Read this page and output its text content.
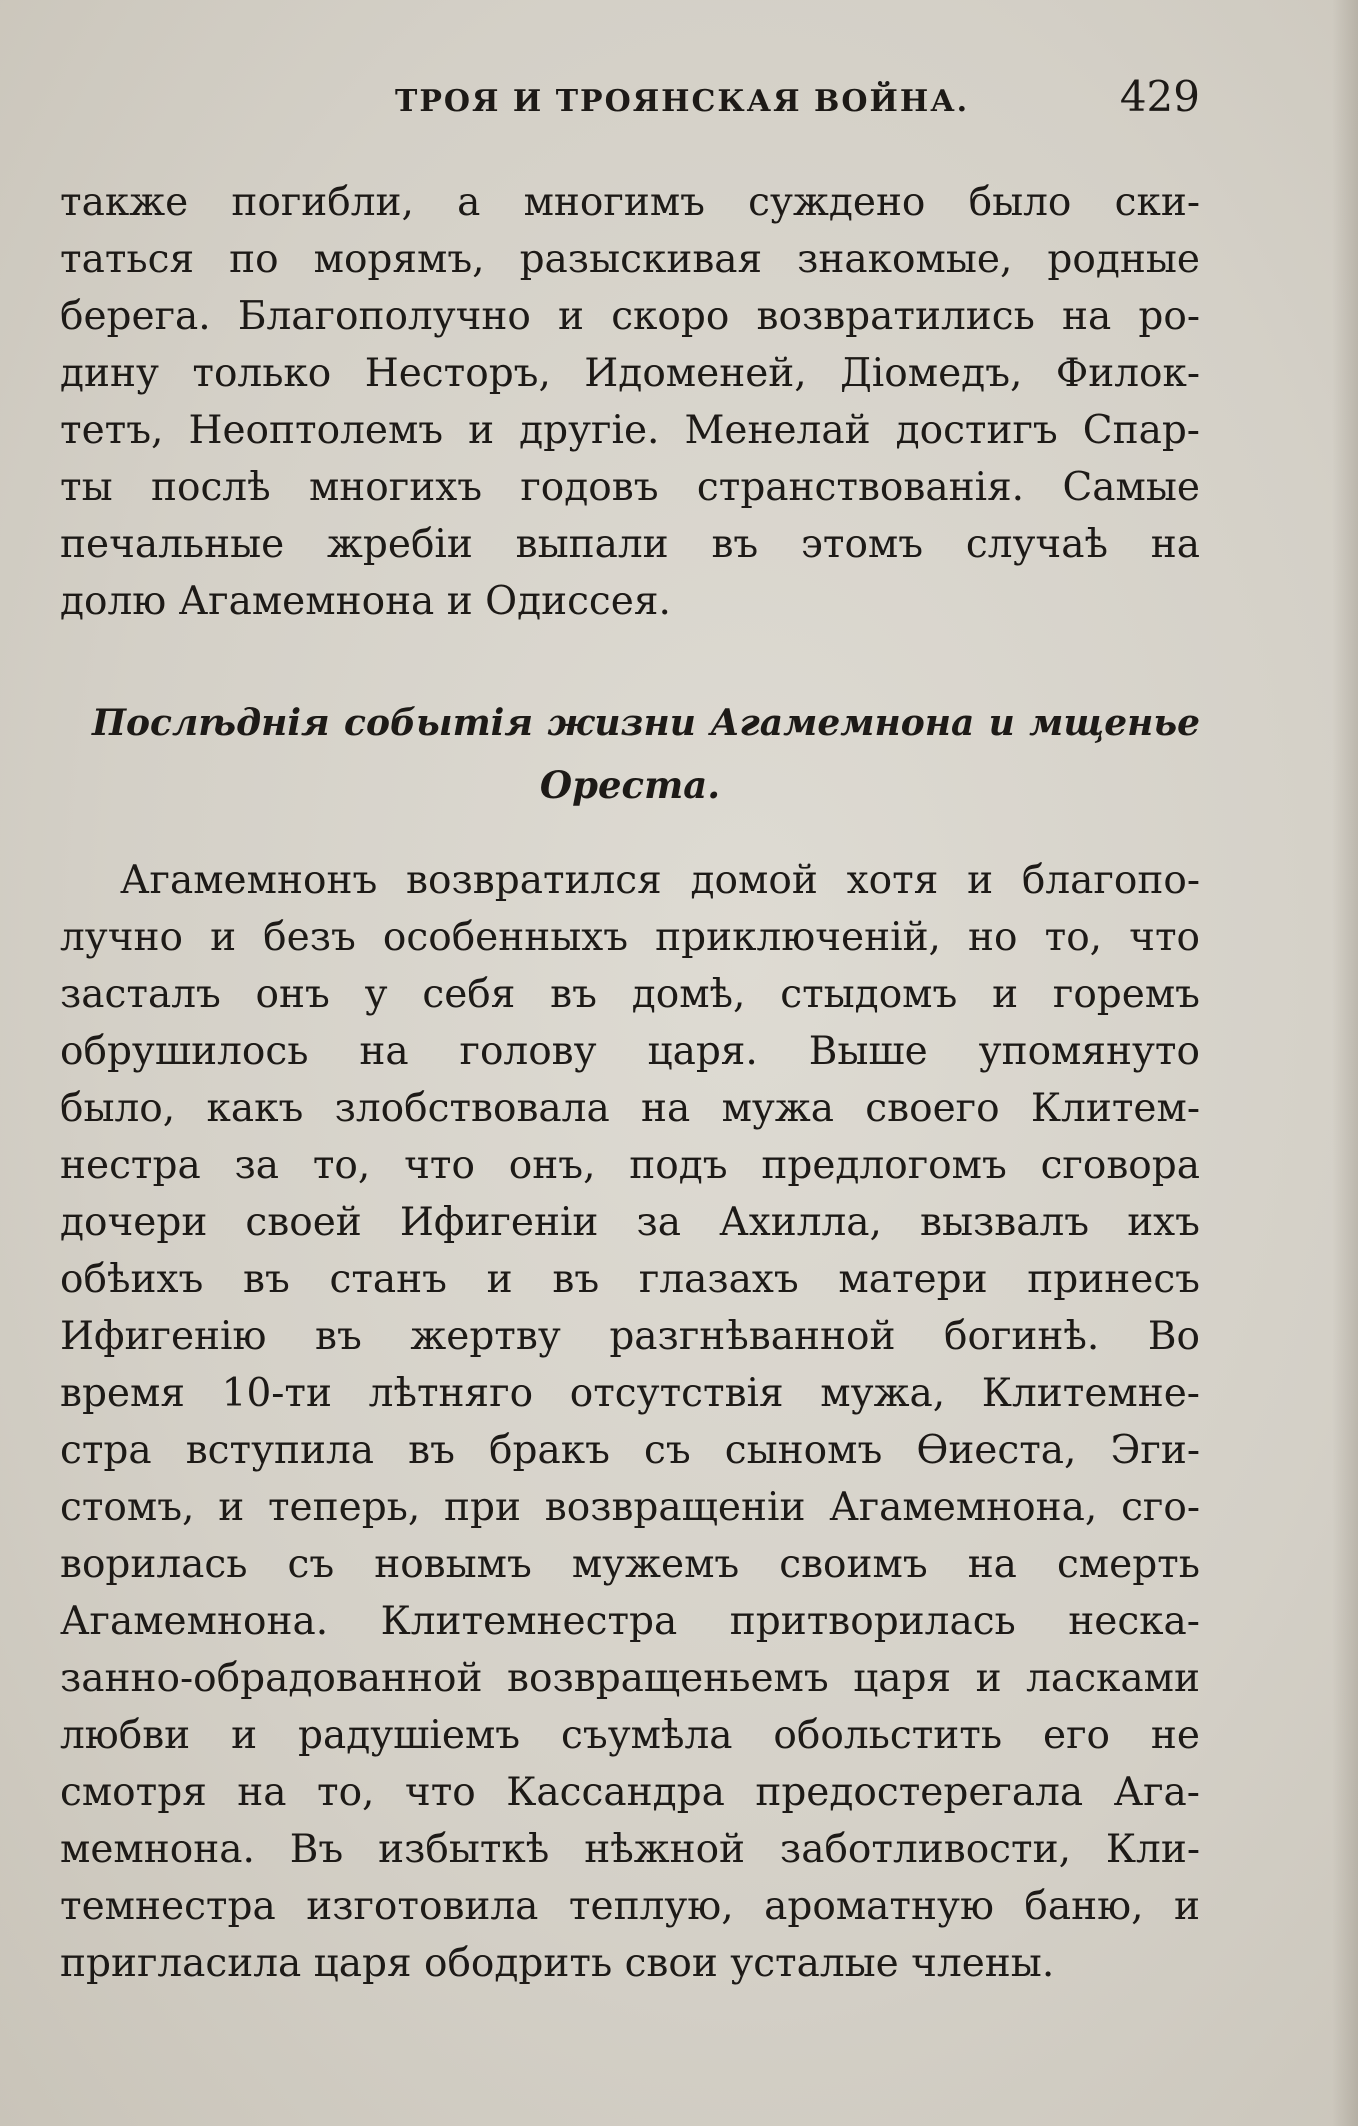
ТРОЯ И ТРОЯНСКАЯ ВОЙНА.	429
также погибли, а многимъ суждено было ски-
таться по морямъ, разыскивая знакомые, родные
берега. Благополучно и скоро возвратились на ро-
дину только Несторъ, Идоменей, Діомедъ, Филок-
тетъ, Неоптолемъ и другіе. Менелай достигъ Спар-
ты послѣ многихъ годовъ странствованія. Самые
печальные жребіи выпали въ этомъ случаѣ на
долю Агамемнона и Одиссея.
Послѣднія событія жизни Агамемнона и мщенье
Ореста.
Агамемнонъ возвратился домой хотя и благопо-
лучно и безъ особенныхъ приключеній, но то, что
засталъ онъ у себя въ домѣ, стыдомъ и горемъ
обрушилось на голову царя. Выше упомянуто
было, какъ злобствовала на мужа своего Клитем-
нестра за то, что онъ, подъ предлогомъ сговора
дочери своей Ифигеніи за Ахилла, вызвалъ ихъ
обѣихъ въ станъ и въ глазахъ матери принесъ
Ифигенію въ жертву разгнѣванной богинѣ. Во
время 10-ти лѣтняго отсутствія мужа, Клитемне-
стра вступила въ бракъ съ сыномъ Ѳиеста, Эги-
стомъ, и теперь, при возвращеніи Агамемнона, сго-
ворилась съ новымъ мужемъ своимъ на смерть
Агамемнона. Клитемнестра притворилась неска-
занно-обрадованной возвращеньемъ царя и ласками
любви и радушіемъ съумѣла обольстить его не
смотря на то, что Кассандра предостерегала Ага-
мемнона. Въ избыткѣ нѣжной заботливости, Кли-
темнестра изготовила теплую, ароматную баню, и
пригласила царя ободрить свои усталые члены.
